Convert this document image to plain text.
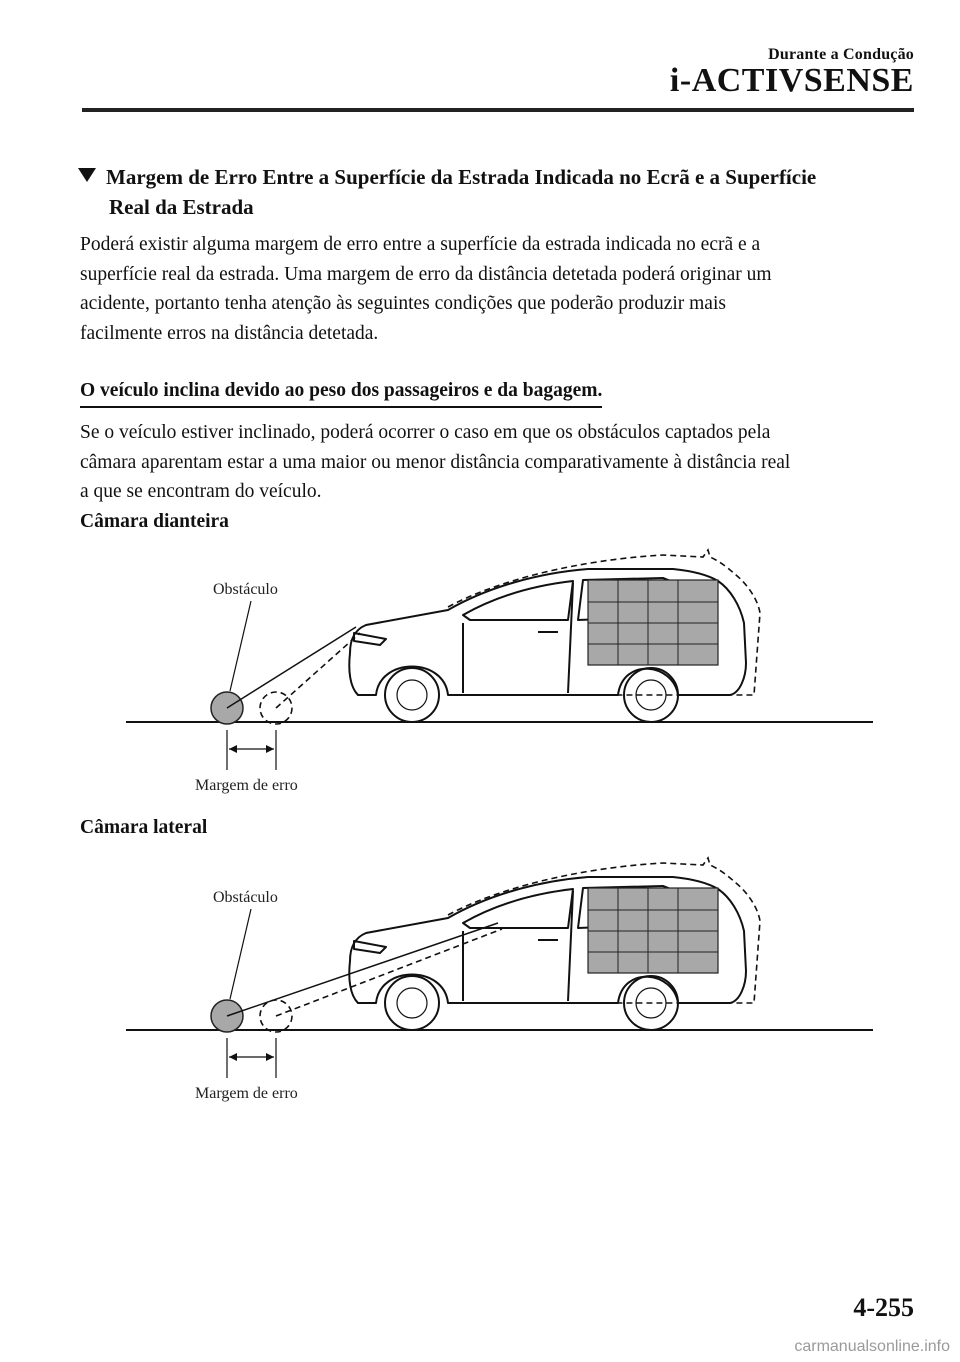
Durante a Condução
i-ACTIVSENSE
Margem de Erro Entre a Superfície da Estrada Indicada no Ecrã e a Superfície
Real da Estrada

Poderá existir alguma margem de erro entre a superfície da estrada indicada no ecrã e a
superfície real da estrada. Uma margem de erro da distância detetada poderá originar um
acidente, portanto tenha atenção às seguintes condições que poderão produzir mais
facilmente erros na distância detetada.

O veículo inclina devido ao peso dos passageiros e da bagagem.

Se o veículo estiver inclinado, poderá ocorrer o caso em que os obstáculos captados pela
câmara aparentam estar a uma maior ou menor distância comparativamente à distância real
a que se encontram do veículo.

Câmara dianteira
Câmara lateral
Obstáculo
Margem de erro
Obstáculo
Margem de erro
4-255
carmanualsonline.info
